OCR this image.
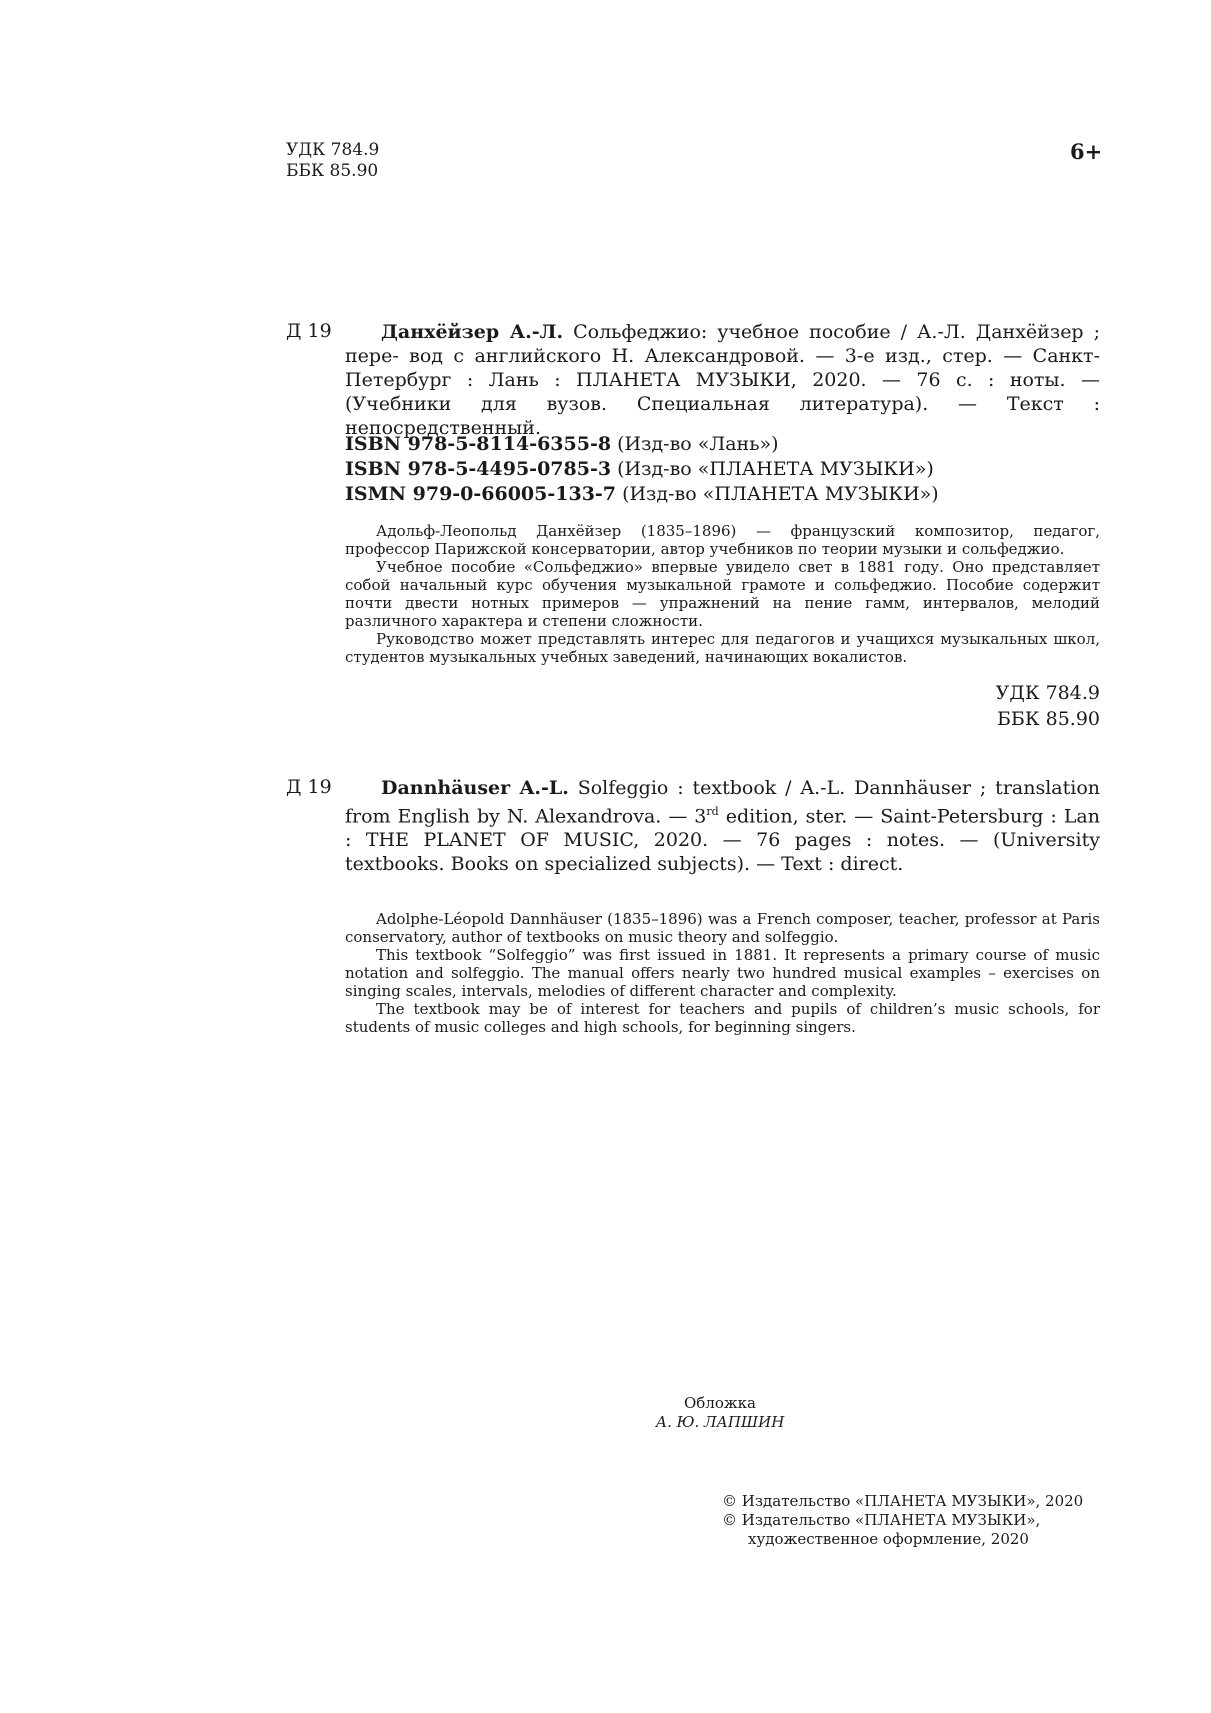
УДК 784.9
ББК 85.90
6+
Д 19	Данхёйзер А.-Л. Сольфеджио: учебное пособие / А.-Л. Данхёйзер ; пере- вод с английского Н. Александровой. — 3-е изд., стер. — Санкт-Петербург : Лань : ПЛАНЕТА МУЗЫКИ, 2020. — 76 с. : ноты. — (Учебники для вузов. Специальная литература). — Текст : непосредственный.
ISBN 978-5-8114-6355-8 (Изд-во «Лань»)
ISBN 978-5-4495-0785-3 (Изд-во «ПЛАНЕТА МУЗЫКИ»)
ISMN 979-0-66005-133-7 (Изд-во «ПЛАНЕТА МУЗЫКИ»)

Адольф-Леопольд Данхёйзер (1835–1896) — французский композитор, педагог, профессор Парижской консерватории, автор учебников по теории музыки и сольфеджио.

Учебное пособие «Сольфеджио» впервые увидело свет в 1881 году. Оно представляет собой начальный курс обучения музыкальной грамоте и сольфеджио. Пособие содержит почти двести нотных примеров — упражнений на пение гамм, интервалов, мелодий различного характера и степени сложности.

Руководство может представлять интерес для педагогов и учащихся музыкальных школ, студентов музыкальных учебных заведений, начинающих вокалистов.

УДК 784.9
ББК 85.90
Д 19	Dannhäuser A.-L. Solfeggio : textbook / A.-L. Dannhäuser ; translation from English by N. Alexandrova. — 3rd edition, ster. — Saint-Petersburg : Lan : THE PLANET OF MUSIC, 2020. — 76 pages : notes. — (University textbooks. Books on specialized subjects). — Text : direct.

Adolphe-Léopold Dannhäuser (1835–1896) was a French composer, teacher, professor at Paris conservatory, author of textbooks on music theory and solfeggio.

This textbook “Solfeggio” was first issued in 1881. It represents a primary course of music notation and solfeggio. The manual offers nearly two hundred musical examples – exercises on singing scales, intervals, melodies of different character and complexity.

The textbook may be of interest for teachers and pupils of children’s music schools, for students of music colleges and high schools, for beginning singers.

Обложка
А. Ю. ЛАПШИН
© Издательство «ПЛАНЕТА МУЗЫКИ», 2020
© Издательство «ПЛАНЕТА МУЗЫКИ»,
художественное оформление, 2020
